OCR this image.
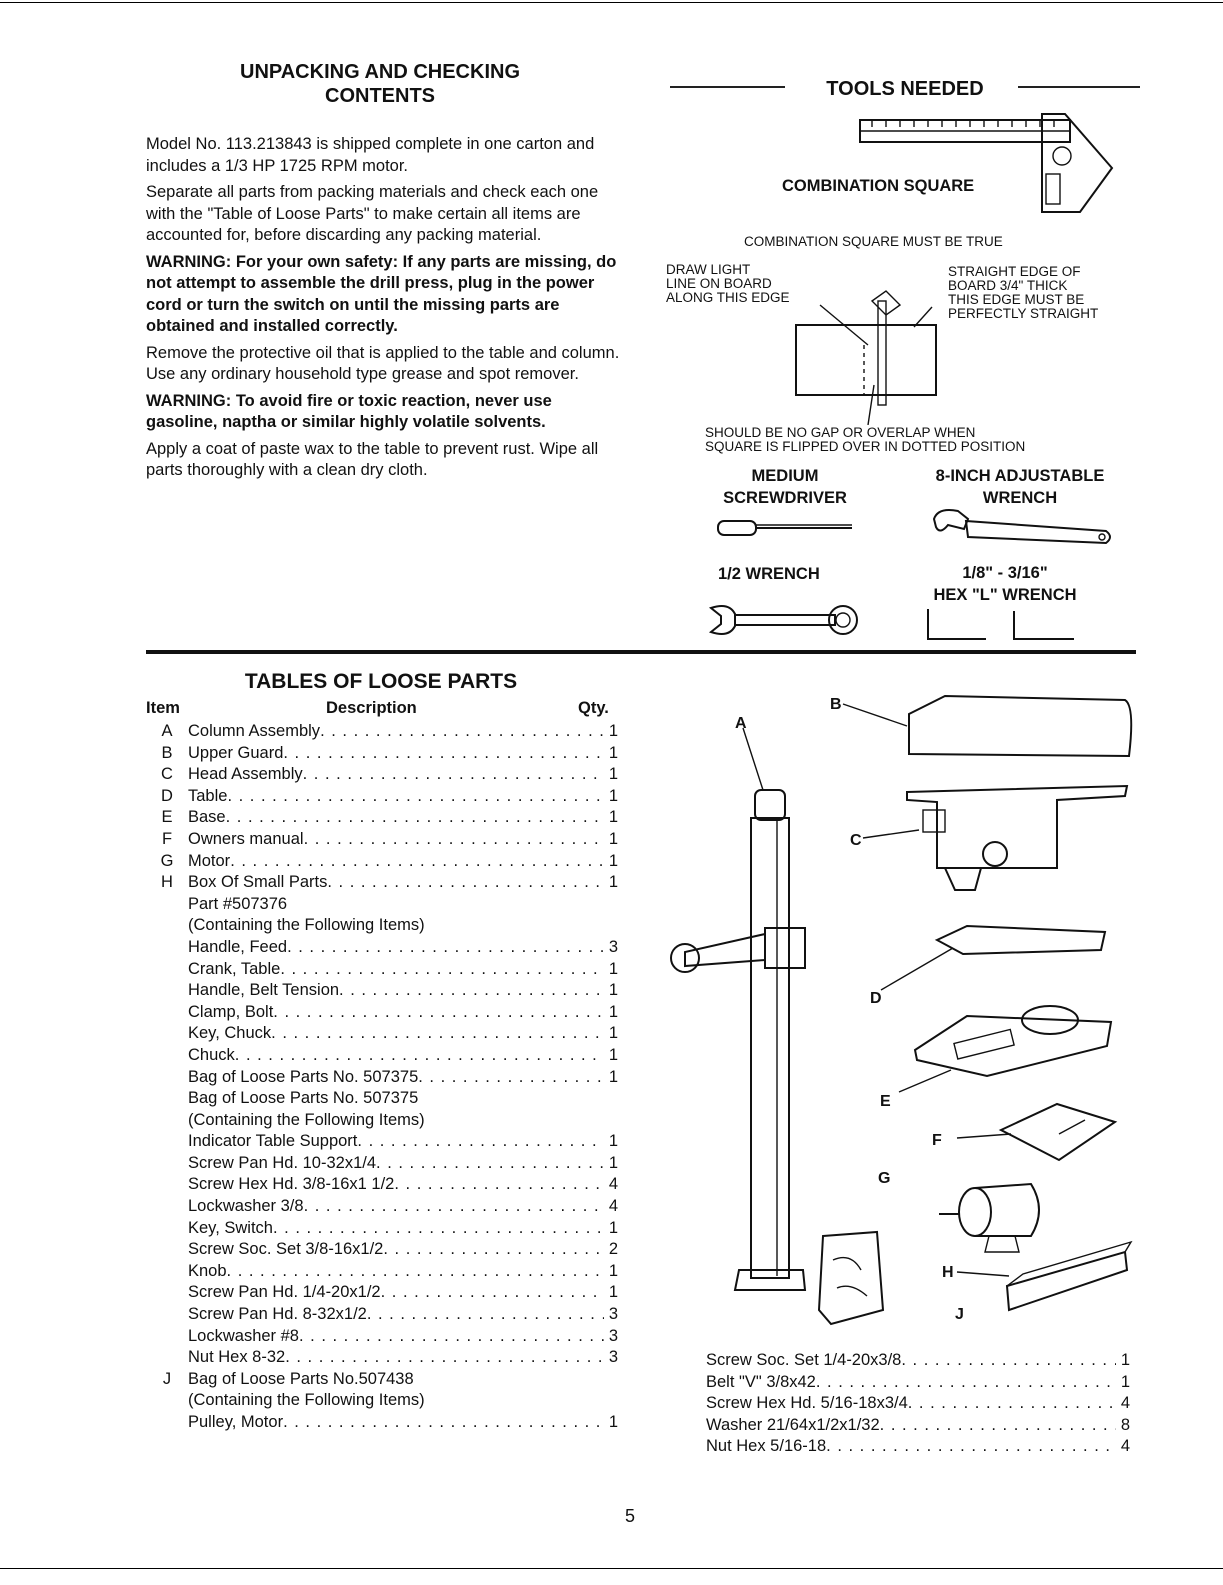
UNPACKING AND CHECKING
CONTENTS

Model No. 113.213843 is shipped complete in one carton and includes a 1/3 HP 1725 RPM motor.

Separate all parts from packing materials and check each one with the "Table of Loose Parts" to make certain all items are accounted for, before discarding any packing material.

WARNING: For your own safety: If any parts are missing, do not attempt to assemble the drill press, plug in the power cord or turn the switch on until the missing parts are obtained and installed correctly.

Remove the protective oil that is applied to the table and column. Use any ordinary household type grease and spot remover.

WARNING: To avoid fire or toxic reaction, never use gasoline, naptha or similar highly volatile solvents.

Apply a coat of paste wax to the table to prevent rust. Wipe all parts thoroughly with a clean dry cloth.

TOOLS NEEDED
COMBINATION SQUARE
COMBINATION SQUARE MUST BE TRUE
DRAW LIGHT
LINE ON BOARD
ALONG THIS EDGE
STRAIGHT EDGE OF
BOARD 3/4" THICK
THIS EDGE MUST BE
PERFECTLY STRAIGHT
SHOULD BE NO GAP OR OVERLAP WHEN
SQUARE IS FLIPPED OVER IN DOTTED POSITION
MEDIUM
SCREWDRIVER
8-INCH ADJUSTABLE
WRENCH
1/2 WRENCH	1/8" - 3/16"
HEX "L" WRENCH
TABLES OF LOOSE PARTS
Item	Description	Qty.
A Column Assembly . . .	1
B Upper Guard . . .	1
C Head Assembly . . .	1
D Table . . .	1
E Base . . .	1
F Owners manual . . .	1
G Motor . . .	1
H Box Of Small Parts . . .	1
Part #507376
(Containing the Following Items)
Handle, Feed . . .	3
Crank, Table . . .	1
Handle, Belt Tension . . .	1
Clamp, Bolt . . .	1
Key, Chuck . . .	1
Chuck . . .	1
Bag of Loose Parts No. 507375 . . .	1
Bag of Loose Parts No. 507375
(Containing the Following Items)
Indicator Table Support . . .	1
Screw Pan Hd. 10-32x1/4 . . .	1
Screw Hex Hd. 3/8-16x1 1/2 . . .	4
Lockwasher 3/8 . . .	4
Key, Switch . . .	1
Screw Soc. Set 3/8-16x1/2 . . .	2
Knob . . .	1
Screw Pan Hd. 1/4-20x1/2 . . .	1
Screw Pan Hd. 8-32x1/2 . . .	3
Lockwasher #8 . . .	3
Nut Hex 8-32 . . .	3
J	Bag of Loose Parts No.507438
(Containing the Following Items)
Pulley, Motor . . .	1
Screw Soc. Set 1/4-20x3/8 . . .	1
Belt "V" 3/8x42 . . .	1
Screw Hex Hd. 5/16-18x3/4 . . .	4
Washer 21/64x1/2x1/32 . . .	8
Nut Hex 5/16-18 . . .	4
A
B
C
D
E
F
G
H
J
5
